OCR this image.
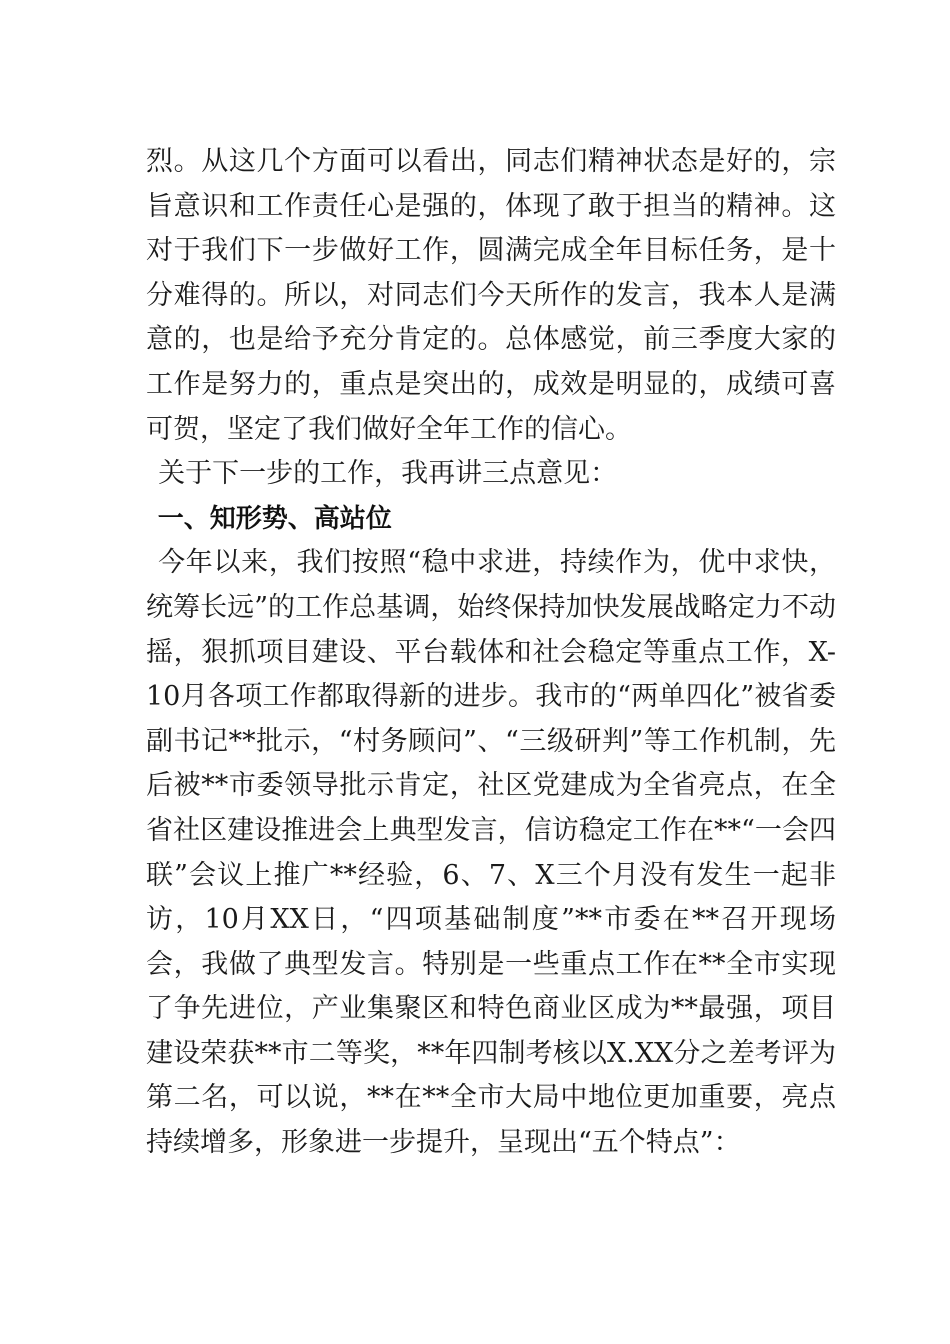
烈。从这几个方面可以看出，同志们精神状态是好的，宗旨意识和工作责任心是强的，体现了敢于担当的精神。这对于我们下一步做好工作，圆满完成全年目标任务，是十分难得的。所以，对同志们今天所作的发言，我本人是满意的，也是给予充分肯定的。总体感觉，前三季度大家的工作是努力的，重点是突出的，成效是明显的，成绩可喜可贺，坚定了我们做好全年工作的信心。

关于下一步的工作，我再讲三点意见：

一、知形势、高站位

今年以来，我们按照“稳中求进，持续作为，优中求快，统筹长远”的工作总基调，始终保持加快发展战略定力不动摇，狠抓项目建设、平台载体和社会稳定等重点工作，X-10月各项工作都取得新的进步。我市的“两单四化”被省委副书记**批示，“村务顾问”、“三级研判”等工作机制，先后被**市委领导批示肯定，社区党建成为全省亮点，在全省社区建设推进会上典型发言，信访稳定工作在**“一会四联”会议上推广**经验，6、7、X三个月没有发生一起非访，10月XX日，“四项基础制度”**市委在**召开现场会，我做了典型发言。特别是一些重点工作在**全市实现了争先进位，产业集聚区和特色商业区成为**最强，项目建设荣获**市二等奖，**年四制考核以X.XX分之差考评为第二名，可以说，**在**全市大局中地位更加重要，亮点持续增多，形象进一步提升，呈现出“五个特点”：
